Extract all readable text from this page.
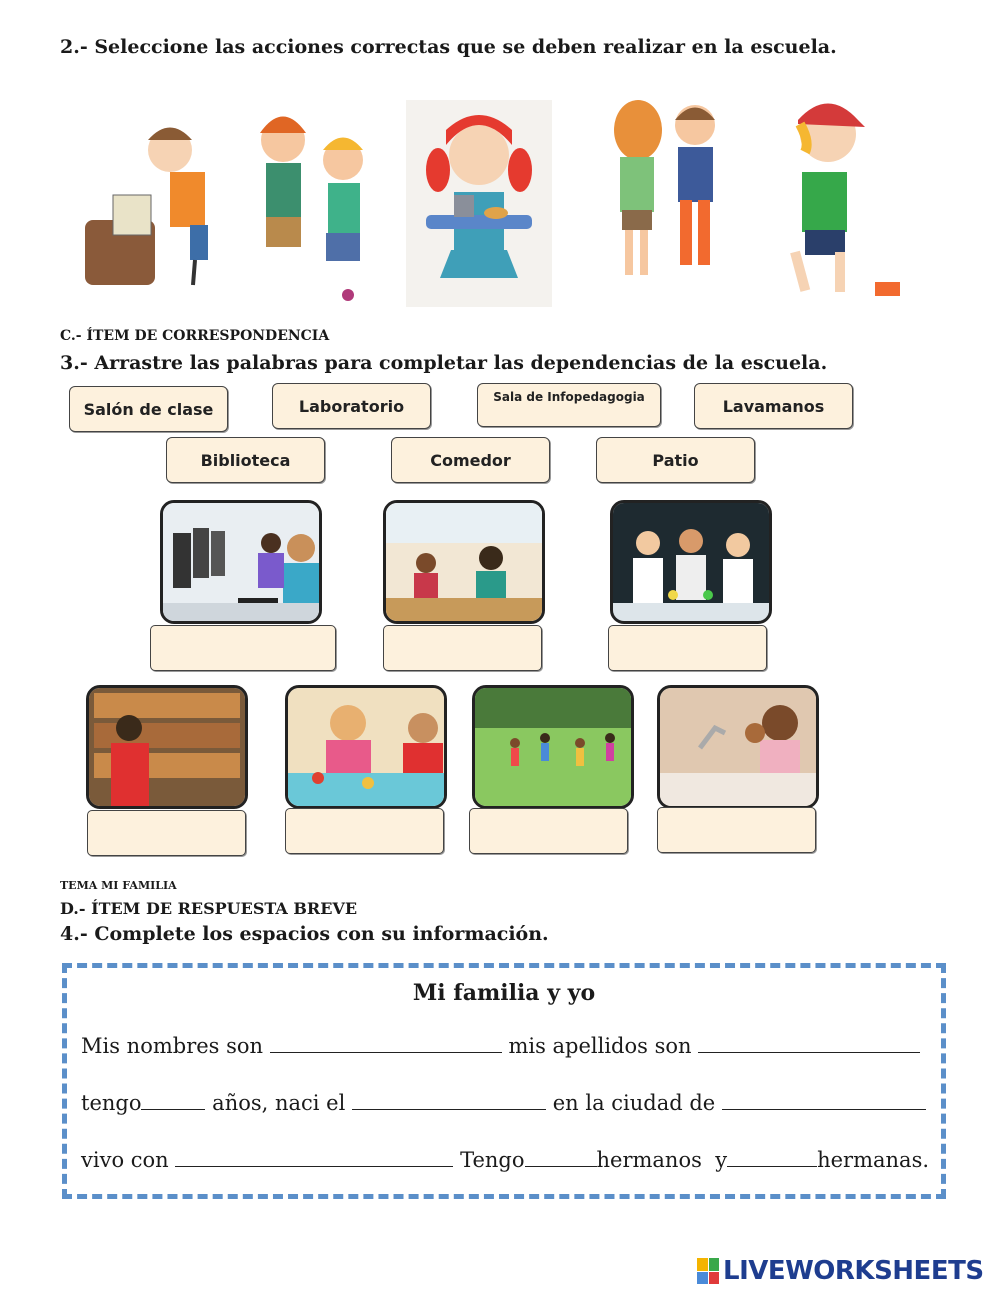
2.- Seleccione las acciones correctas que se deben realizar en la escuela.
C.- ÍTEM DE CORRESPONDENCIA
3.- Arrastre las palabras para completar las dependencias de la escuela.
Salón de clase	Laboratorio	Sala de Infopedagogia	Lavamanos
Biblioteca	Comedor	Patio
TEMA MI FAMILIA
D.- ÍTEM DE RESPUESTA BREVE
4.- Complete los espacios con su información.
Mi familia y yo
Mis nombres son	mis apellidos son
tengo	años, naci el	en la ciudad de
vivo con	Tengo	hermanos  y	hermanas.
LIVEWORKSHEETS
